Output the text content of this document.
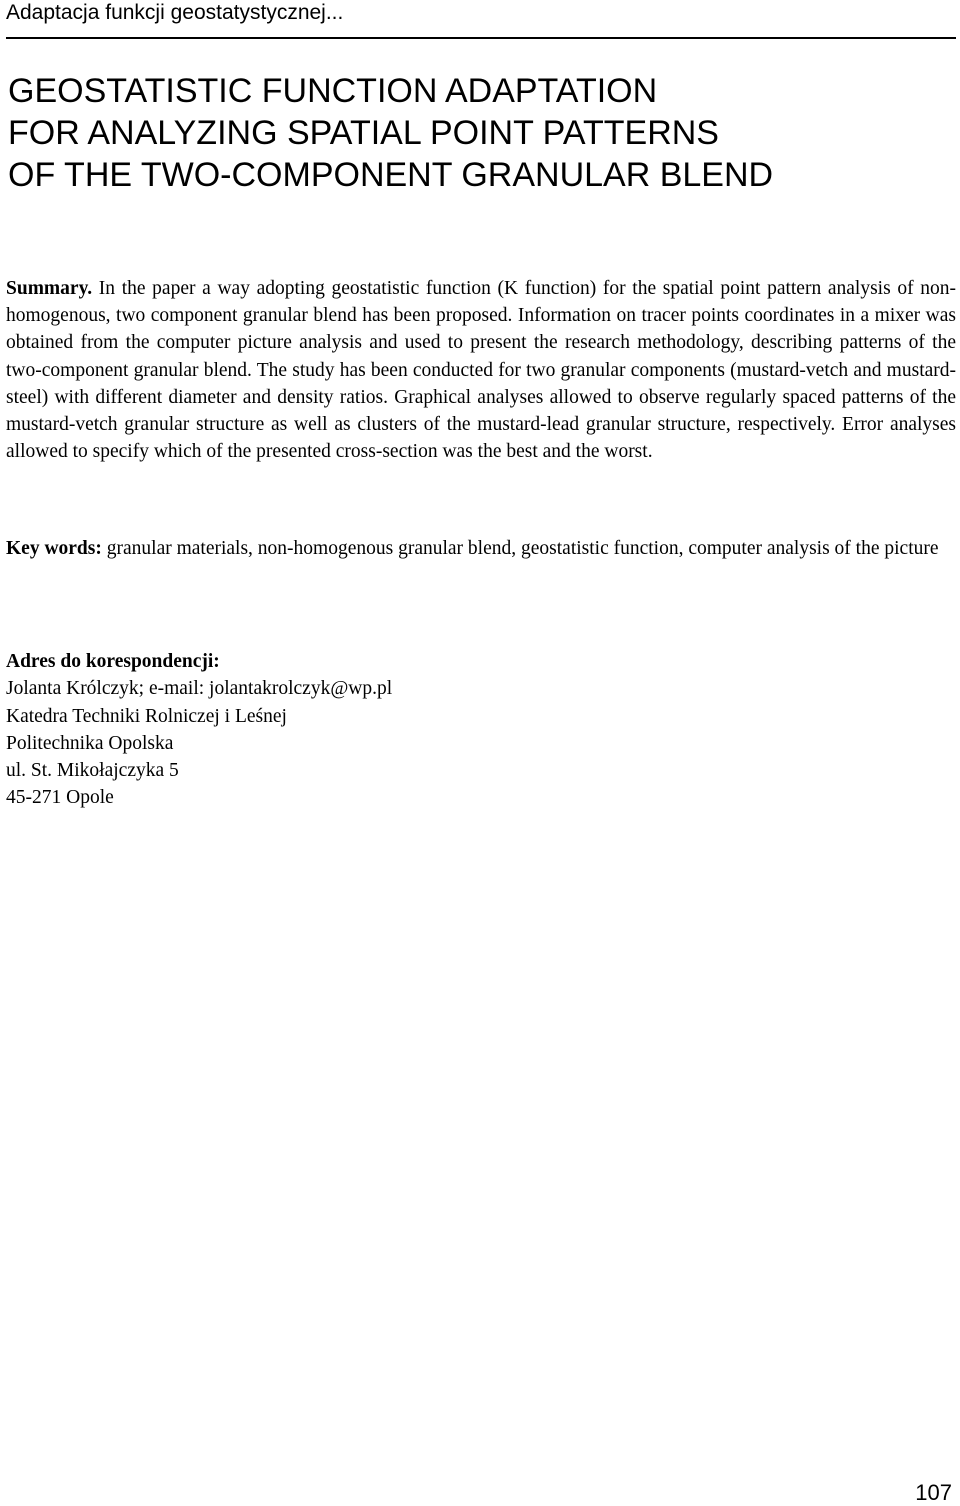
Adaptacja funkcji geostatystycznej...
GEOSTATISTIC FUNCTION ADAPTATION
FOR ANALYZING SPATIAL POINT PATTERNS
OF THE TWO-COMPONENT GRANULAR BLEND

Summary. In the paper a way adopting geostatistic function (K function) for the spatial point pattern analysis of non-homogenous, two component granular blend has been proposed. Information on tracer points coordinates in a mixer was obtained from the computer picture analysis and used to present the research methodology, describing patterns of the two-component granular blend. The study has been conducted for two granular components (mustard-vetch and mustard-steel) with different diameter and density ratios. Graphical analyses allowed to observe regularly spaced patterns of the mustard-vetch granular structure as well as clusters of the mustard-lead granular structure, respectively. Error analyses allowed to specify which of the presented cross-section was the best and the worst.

Key words: granular materials, non-homogenous granular blend, geostatistic function, computer analysis of the picture

Adres do korespondencji:
Jolanta Królczyk; e-mail: jolantakrolczyk@wp.pl
Katedra Techniki Rolniczej i Leśnej
Politechnika Opolska
ul. St. Mikołajczyka 5
45-271 Opole
107
